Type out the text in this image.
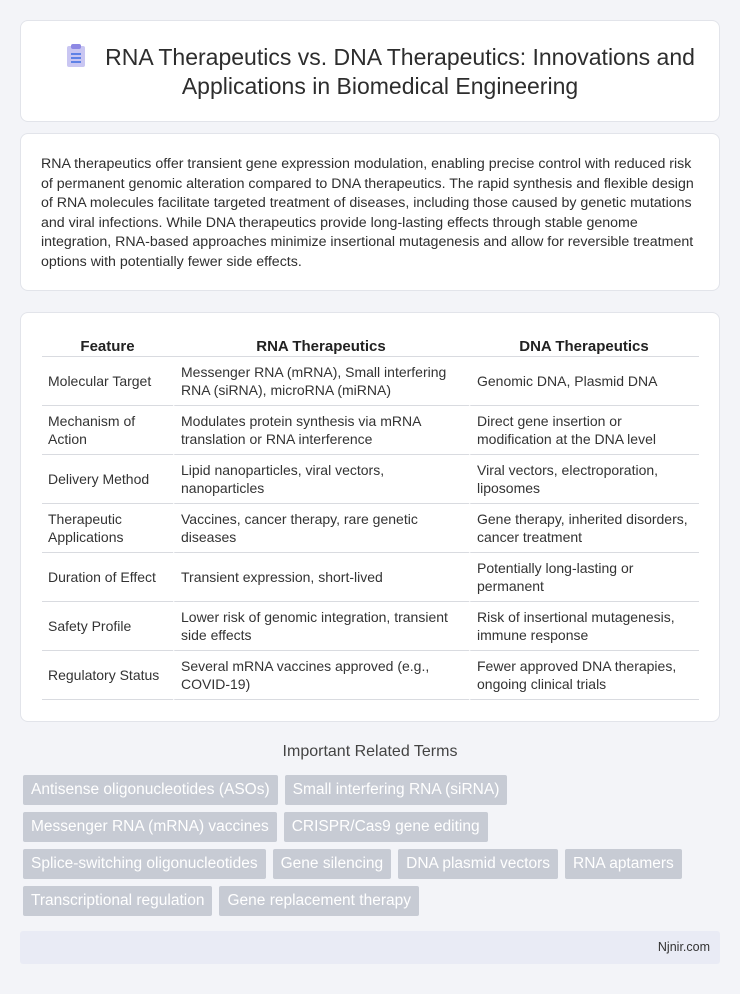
RNA Therapeutics vs. DNA Therapeutics: Innovations and Applications in Biomedical Engineering

RNA therapeutics offer transient gene expression modulation, enabling precise control with reduced risk of permanent genomic alteration compared to DNA therapeutics. The rapid synthesis and flexible design of RNA molecules facilitate targeted treatment of diseases, including those caused by genetic mutations and viral infections. While DNA therapeutics provide long-lasting effects through stable genome integration, RNA-based approaches minimize insertional mutagenesis and allow for reversible treatment options with potentially fewer side effects.

Feature	RNA Therapeutics	DNA Therapeutics
Molecular Target	Messenger RNA (mRNA), Small interfering RNA (siRNA), microRNA (miRNA)	Genomic DNA, Plasmid DNA
Mechanism of Action	Modulates protein synthesis via mRNA translation or RNA interference	Direct gene insertion or modification at the DNA level
Delivery Method	Lipid nanoparticles, viral vectors, nanoparticles	Viral vectors, electroporation, liposomes
Therapeutic Applications	Vaccines, cancer therapy, rare genetic diseases	Gene therapy, inherited disorders, cancer treatment
Duration of Effect	Transient expression, short-lived	Potentially long-lasting or permanent
Safety Profile	Lower risk of genomic integration, transient side effects	Risk of insertional mutagenesis, immune response
Regulatory Status	Several mRNA vaccines approved (e.g., COVID-19)	Fewer approved DNA therapies, ongoing clinical trials
Important Related Terms
Antisense oligonucleotides (ASOs)	Small interfering RNA (siRNA)
Messenger RNA (mRNA) vaccines	CRISPR/Cas9 gene editing
Splice-switching oligonucleotides	Gene silencing	DNA plasmid vectors	RNA aptamers
Transcriptional regulation	Gene replacement therapy
Njnir.com
